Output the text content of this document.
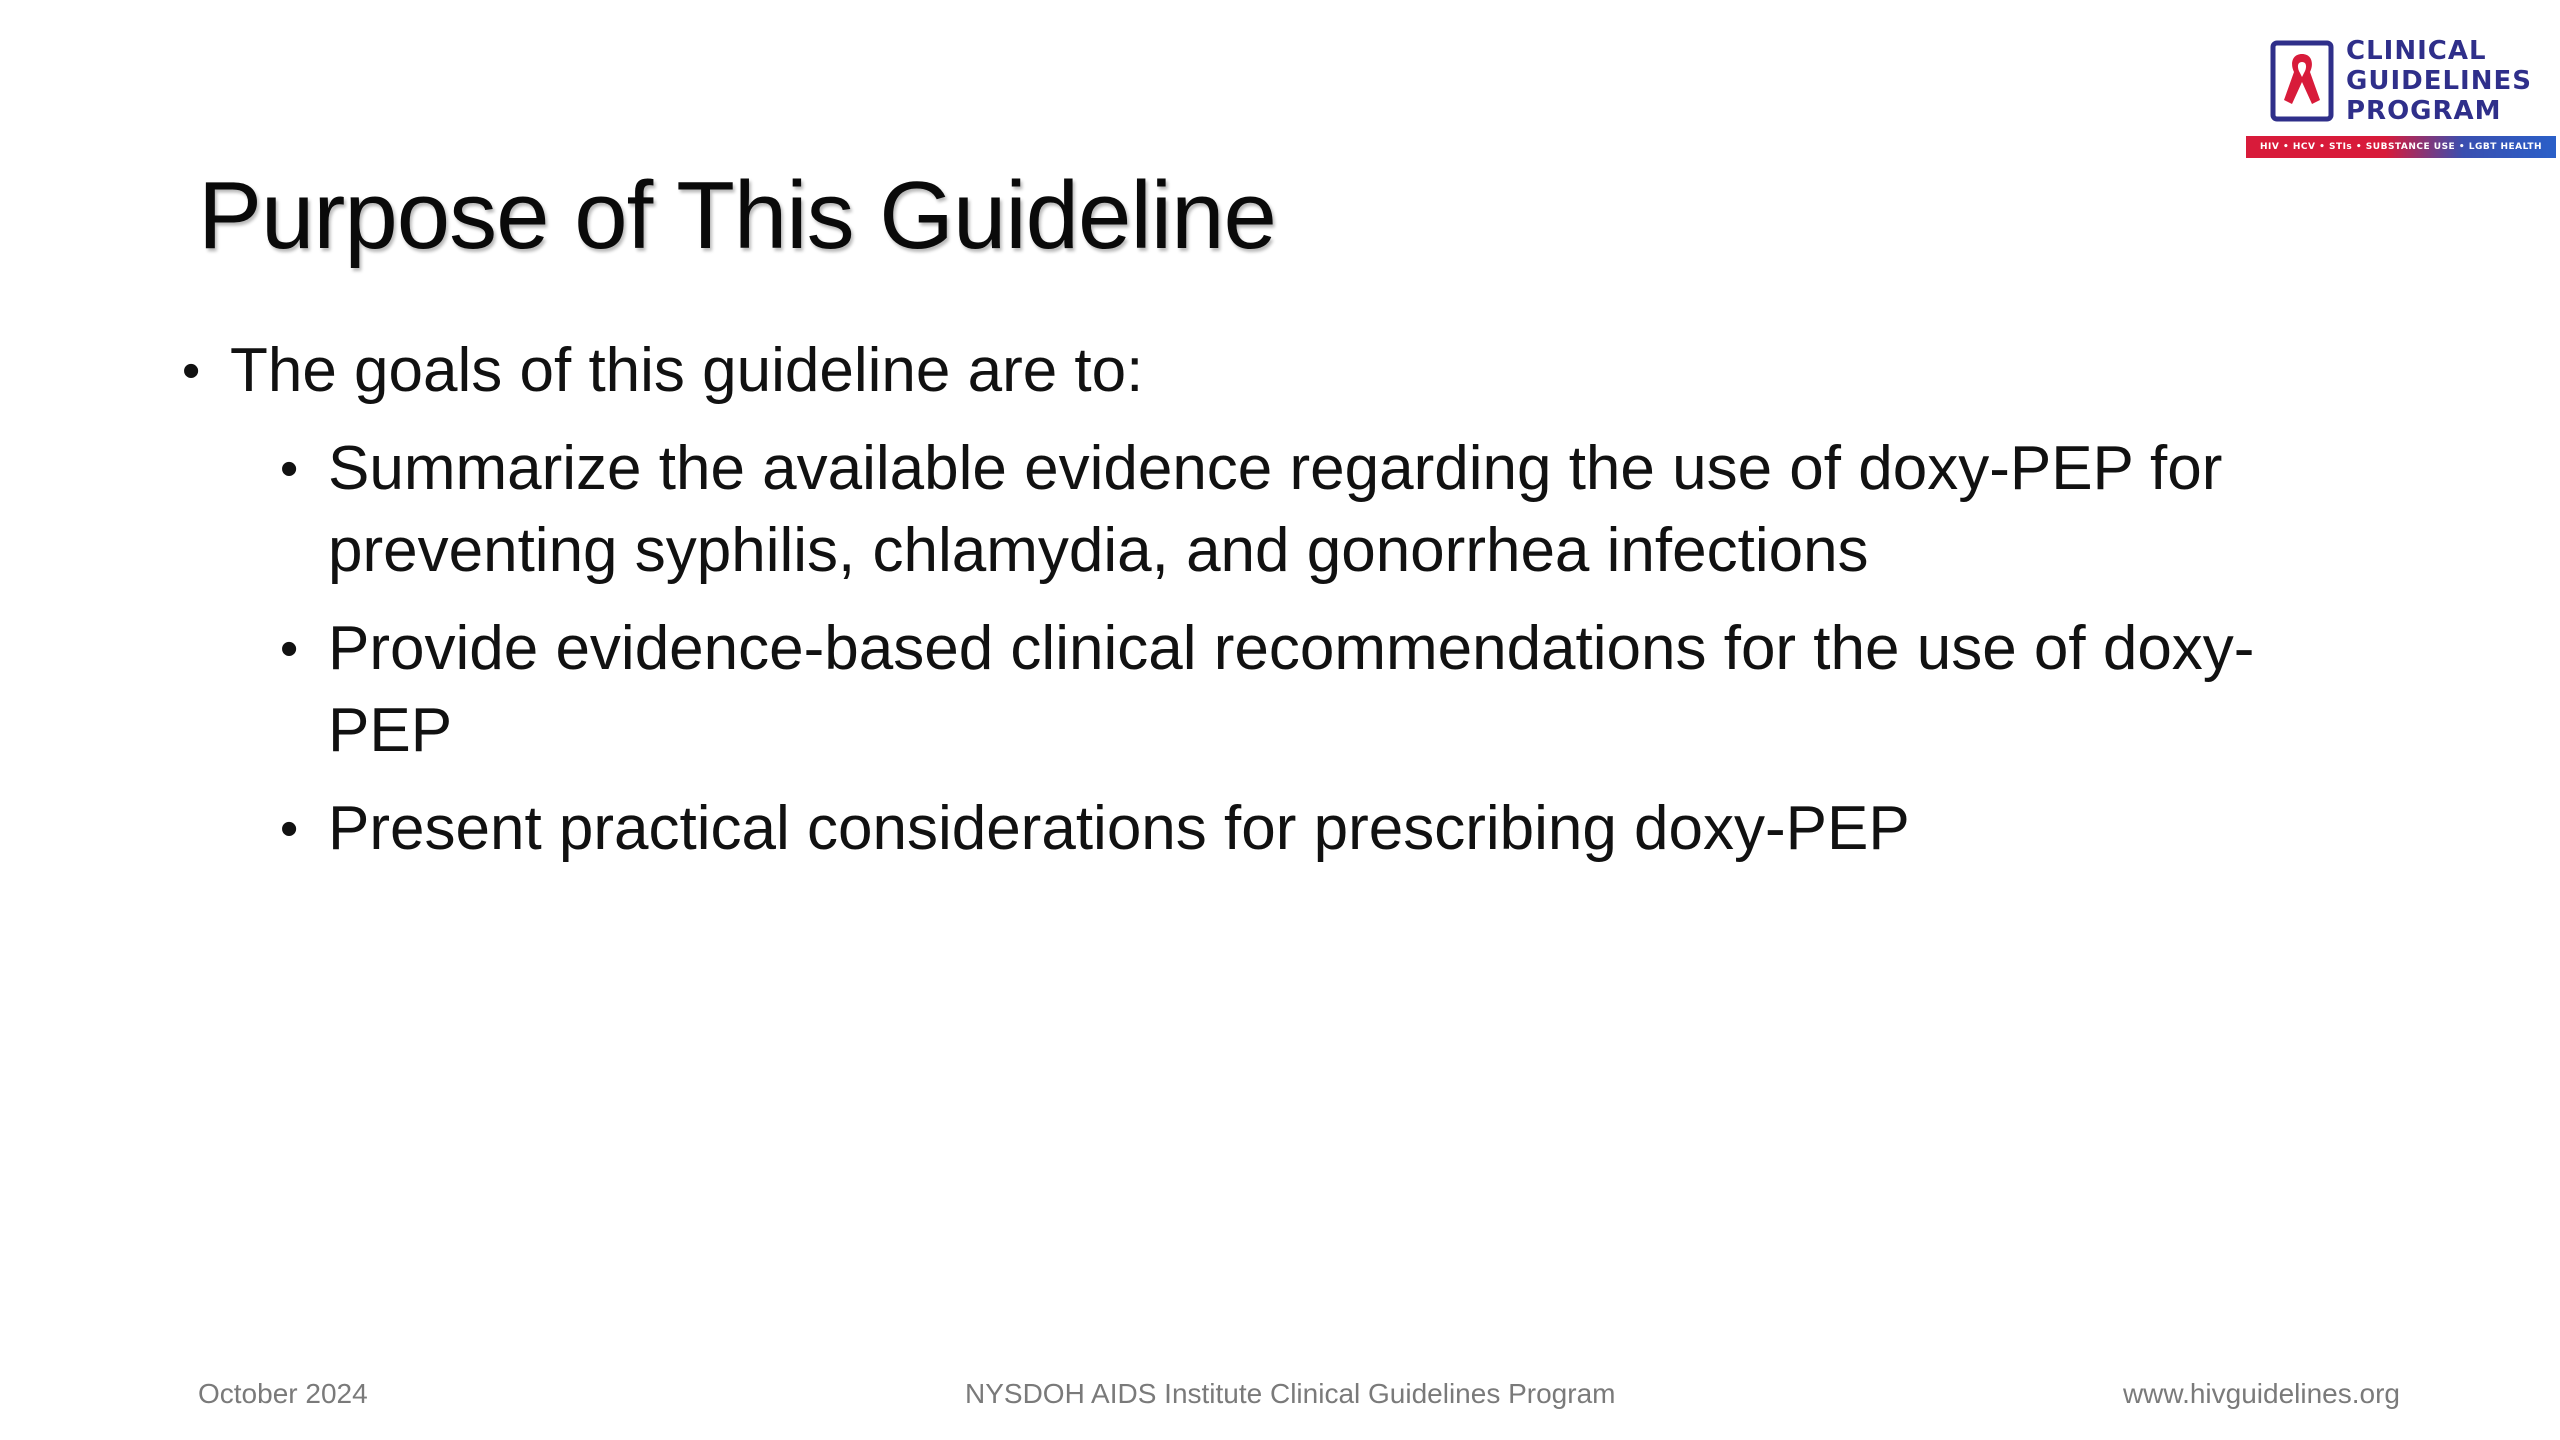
CLINICAL
GUIDELINES
PROGRAM
HIV • HCV • STIs • SUBSTANCE USE • LGBT HEALTH
Purpose of This Guideline
• The goals of this guideline are to:
• Summarize the available evidence regarding the use of doxy-PEP for preventing syphilis, chlamydia, and gonorrhea infections
• Provide evidence-based clinical recommendations for the use of doxy-PEP
• Present practical considerations for prescribing doxy-PEP
October 2024	NYSDOH AIDS Institute Clinical Guidelines Program	www.hivguidelines.org
